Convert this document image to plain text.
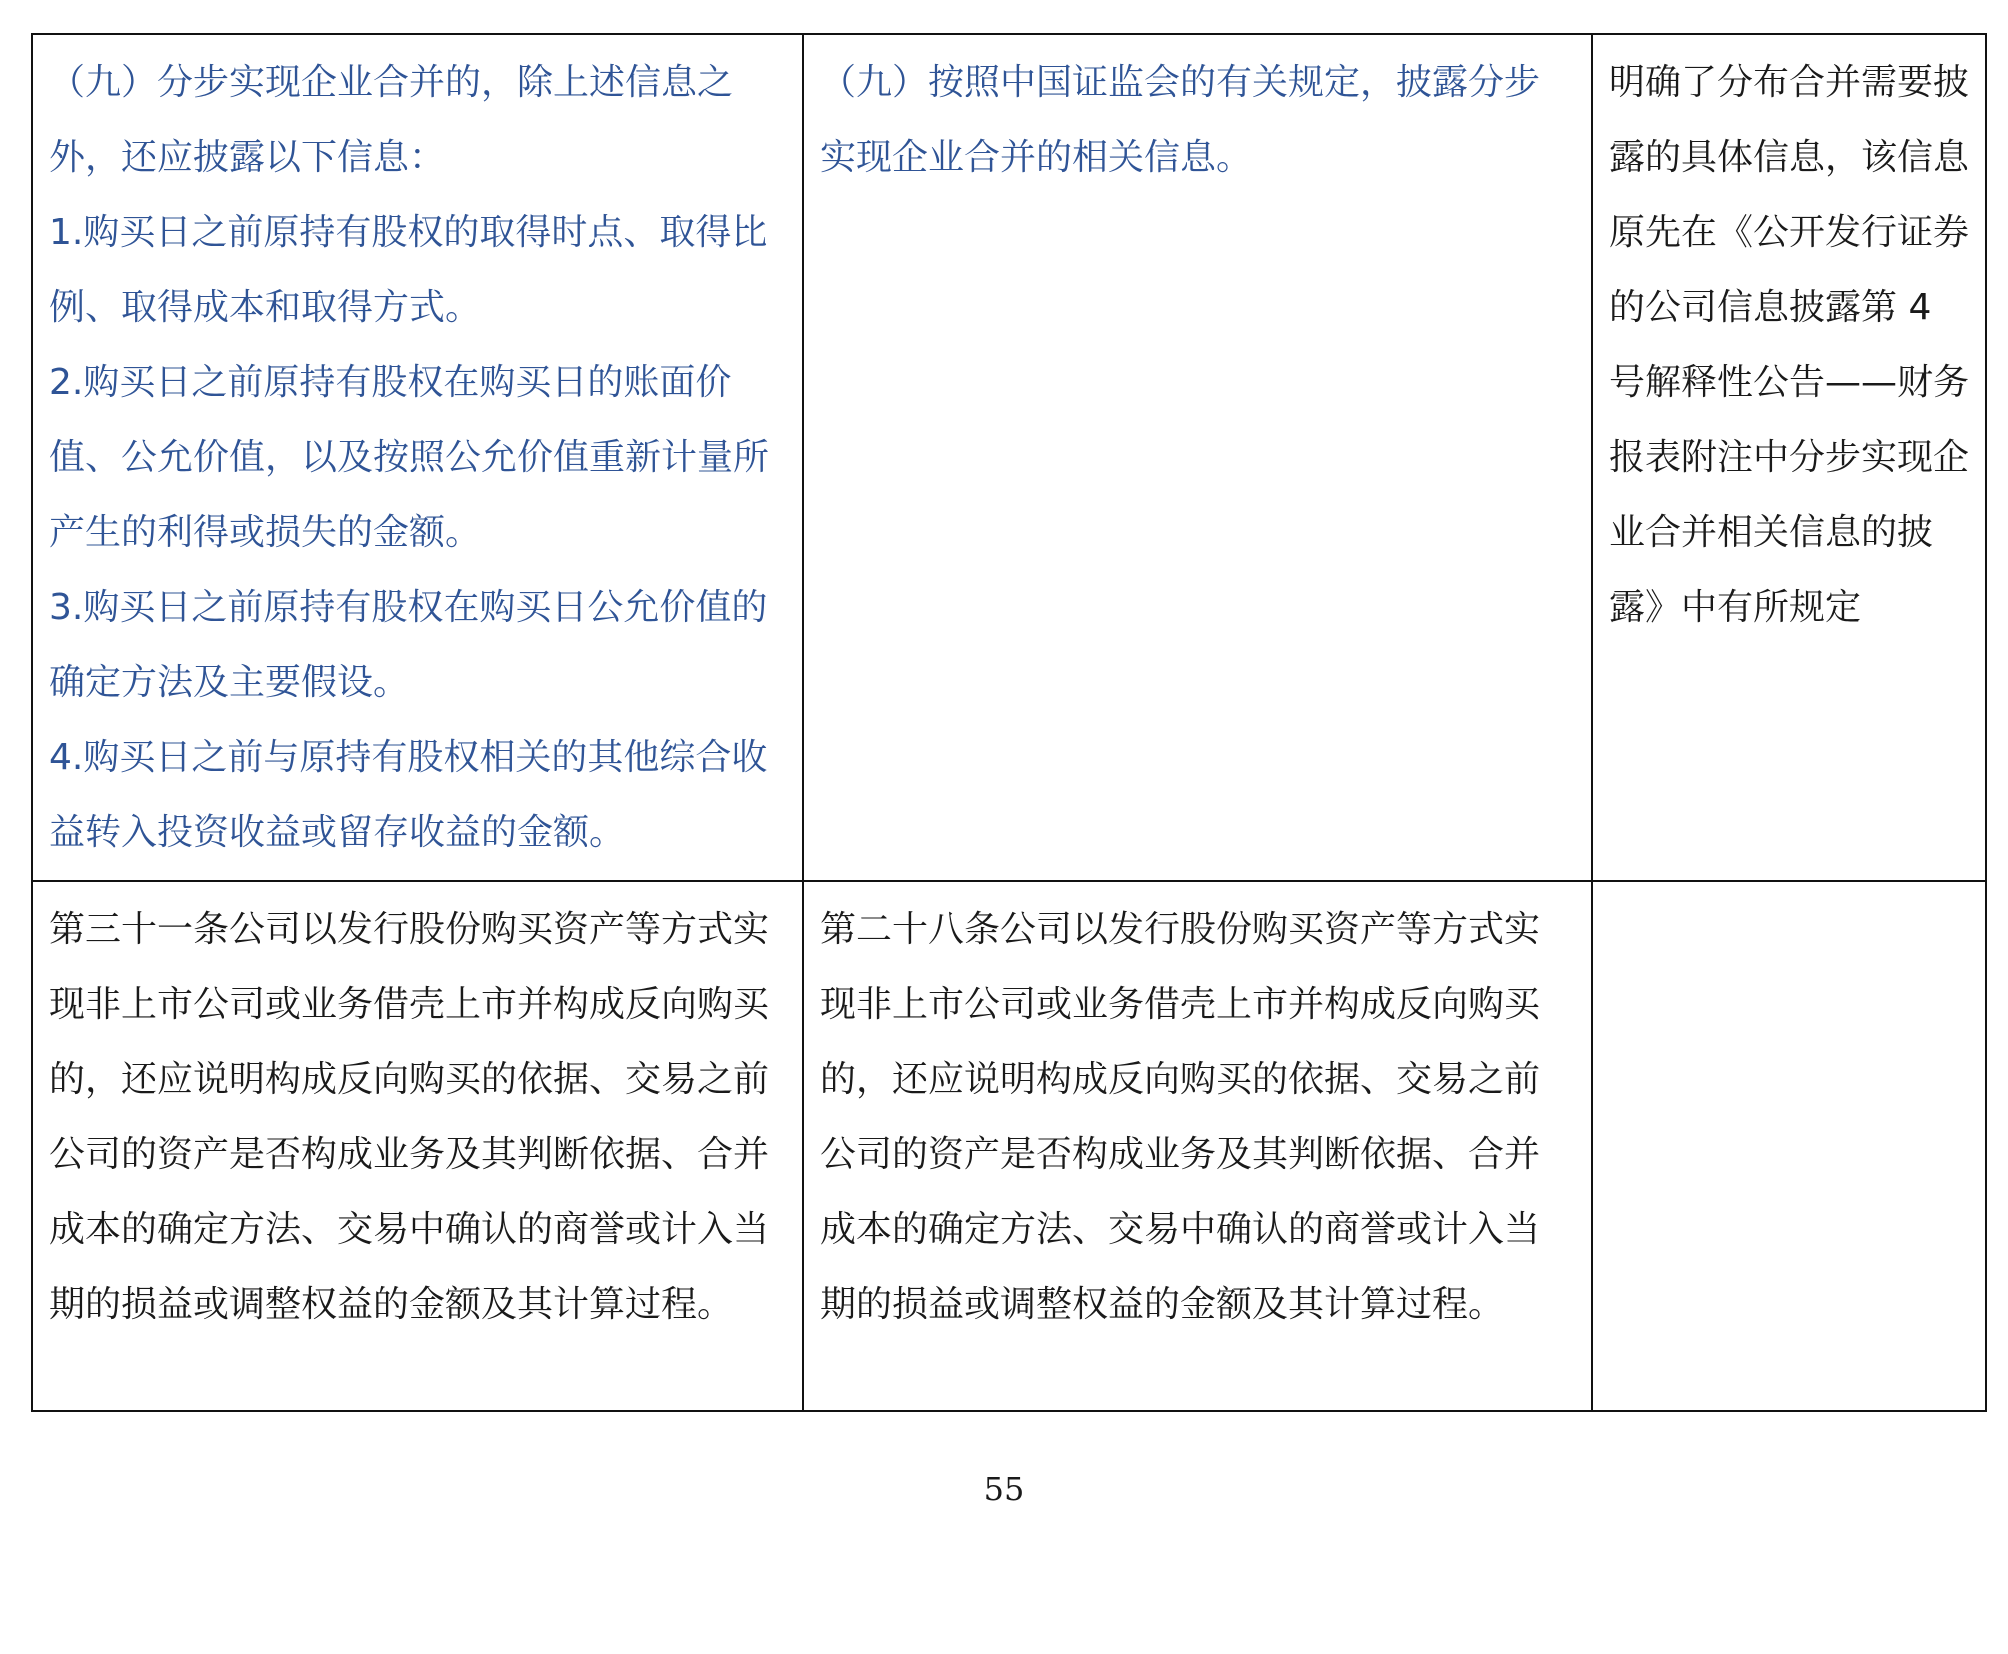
（九）分步实现企业合并的，除上述信息之外，还应披露以下信息：
1.购买日之前原持有股权的取得时点、取得比例、取得成本和取得方式。
2.购买日之前原持有股权在购买日的账面价值、公允价值，以及按照公允价值重新计量所产生的利得或损失的金额。
3.购买日之前原持有股权在购买日公允价值的确定方法及主要假设。
4.购买日之前与原持有股权相关的其他综合收益转入投资收益或留存收益的金额。	（九）按照中国证监会的有关规定，披露分步实现企业合并的相关信息。	明确了分布合并需要披露的具体信息，该信息原先在《公开发行证券的公司信息披露第 4 号解释性公告——财务报表附注中分步实现企业合并相关信息的披露》中有所规定

第三十一条公司以发行股份购买资产等方式实现非上市公司或业务借壳上市并构成反向购买的，还应说明构成反向购买的依据、交易之前公司的资产是否构成业务及其判断依据、合并成本的确定方法、交易中确认的商誉或计入当期的损益或调整权益的金额及其计算过程。	第二十八条公司以发行股份购买资产等方式实现非上市公司或业务借壳上市并构成反向购买的，还应说明构成反向购买的依据、交易之前公司的资产是否构成业务及其判断依据、合并成本的确定方法、交易中确认的商誉或计入当期的损益或调整权益的金额及其计算过程。	

55
